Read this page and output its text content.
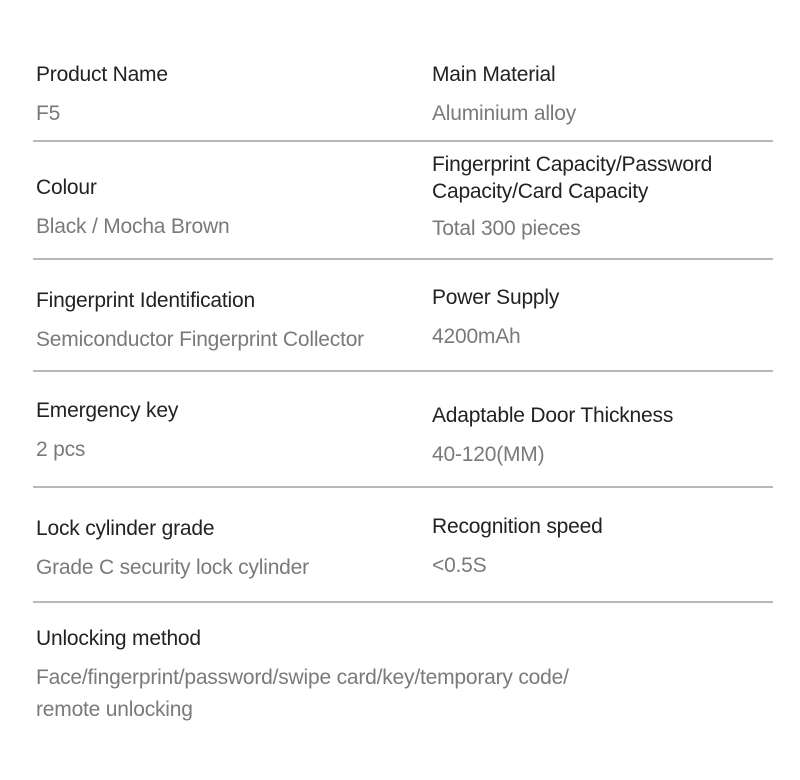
Product Name
F5
Main Material
Aluminium alloy
Colour
Black / Mocha Brown
Fingerprint Capacity/Password Capacity/Card Capacity
Total 300 pieces
Fingerprint Identification
Semiconductor Fingerprint Collector
Power Supply
4200mAh
Emergency key
2 pcs
Adaptable Door Thickness
40-120(MM)
Lock cylinder grade
Grade C security lock cylinder
Recognition speed
<0.5S
Unlocking method
Face/fingerprint/password/swipe card/key/temporary code/ remote unlocking
